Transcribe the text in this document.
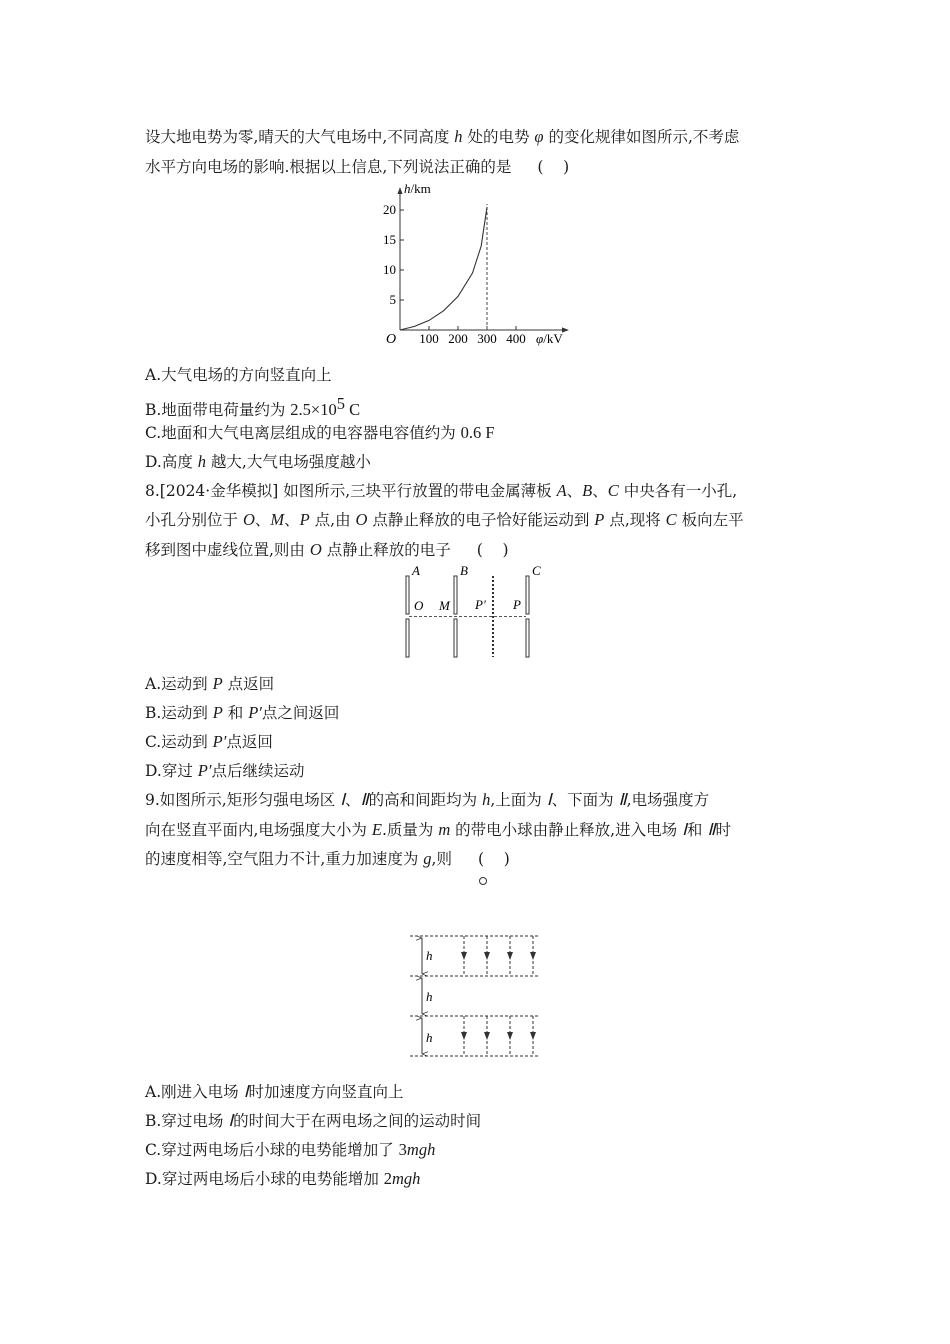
设大地电势为零,晴天的大气电场中,不同高度 h 处的电势 φ 的变化规律如图所示,不考虑
水平方向电场的影响.根据以上信息,下列说法正确的是 (    )
100 200 300 400
5
10
15
20
h/km
O	φ/kV
A.大气电场的方向竖直向上
B.地面带电荷量约为 $2.5\times 10^5$ C
C.地面和大气电离层组成的电容器电容值约为 0.6 F
D.高度 h 越大,大气电场强度越小
8.[2024·金华模拟] 如图所示,三块平行放置的带电金属薄板 A、B、C 中央各有一小孔,
小孔分别位于 O、M、P 点,由 O 点静止释放的电子恰好能运动到 P 点,现将 C 板向左平
移到图中虚线位置,则由 O 点静止释放的电子 (    )
A	B	C
O M P′ P
A.运动到 P 点返回
B.运动到 P 和 P′点之间返回
C.运动到 P′点返回
D.穿过 P′点后继续运动
9.如图所示,矩形匀强电场区 Ⅰ、Ⅱ的高和间距均为 h,上面为 Ⅰ、下面为 Ⅱ,电场强度方
向在竖直平面内,电场强度大小为 E.质量为 m 的带电小球由静止释放,进入电场 Ⅰ和 Ⅱ时
的速度相等,空气阻力不计,重力加速度为 g,则 (    )
h
h
h
A.刚进入电场 Ⅰ时加速度方向竖直向上
B.穿过电场 Ⅰ的时间大于在两电场之间的运动时间
C.穿过两电场后小球的电势能增加了 3mgh
D.穿过两电场后小球的电势能增加 2mgh
